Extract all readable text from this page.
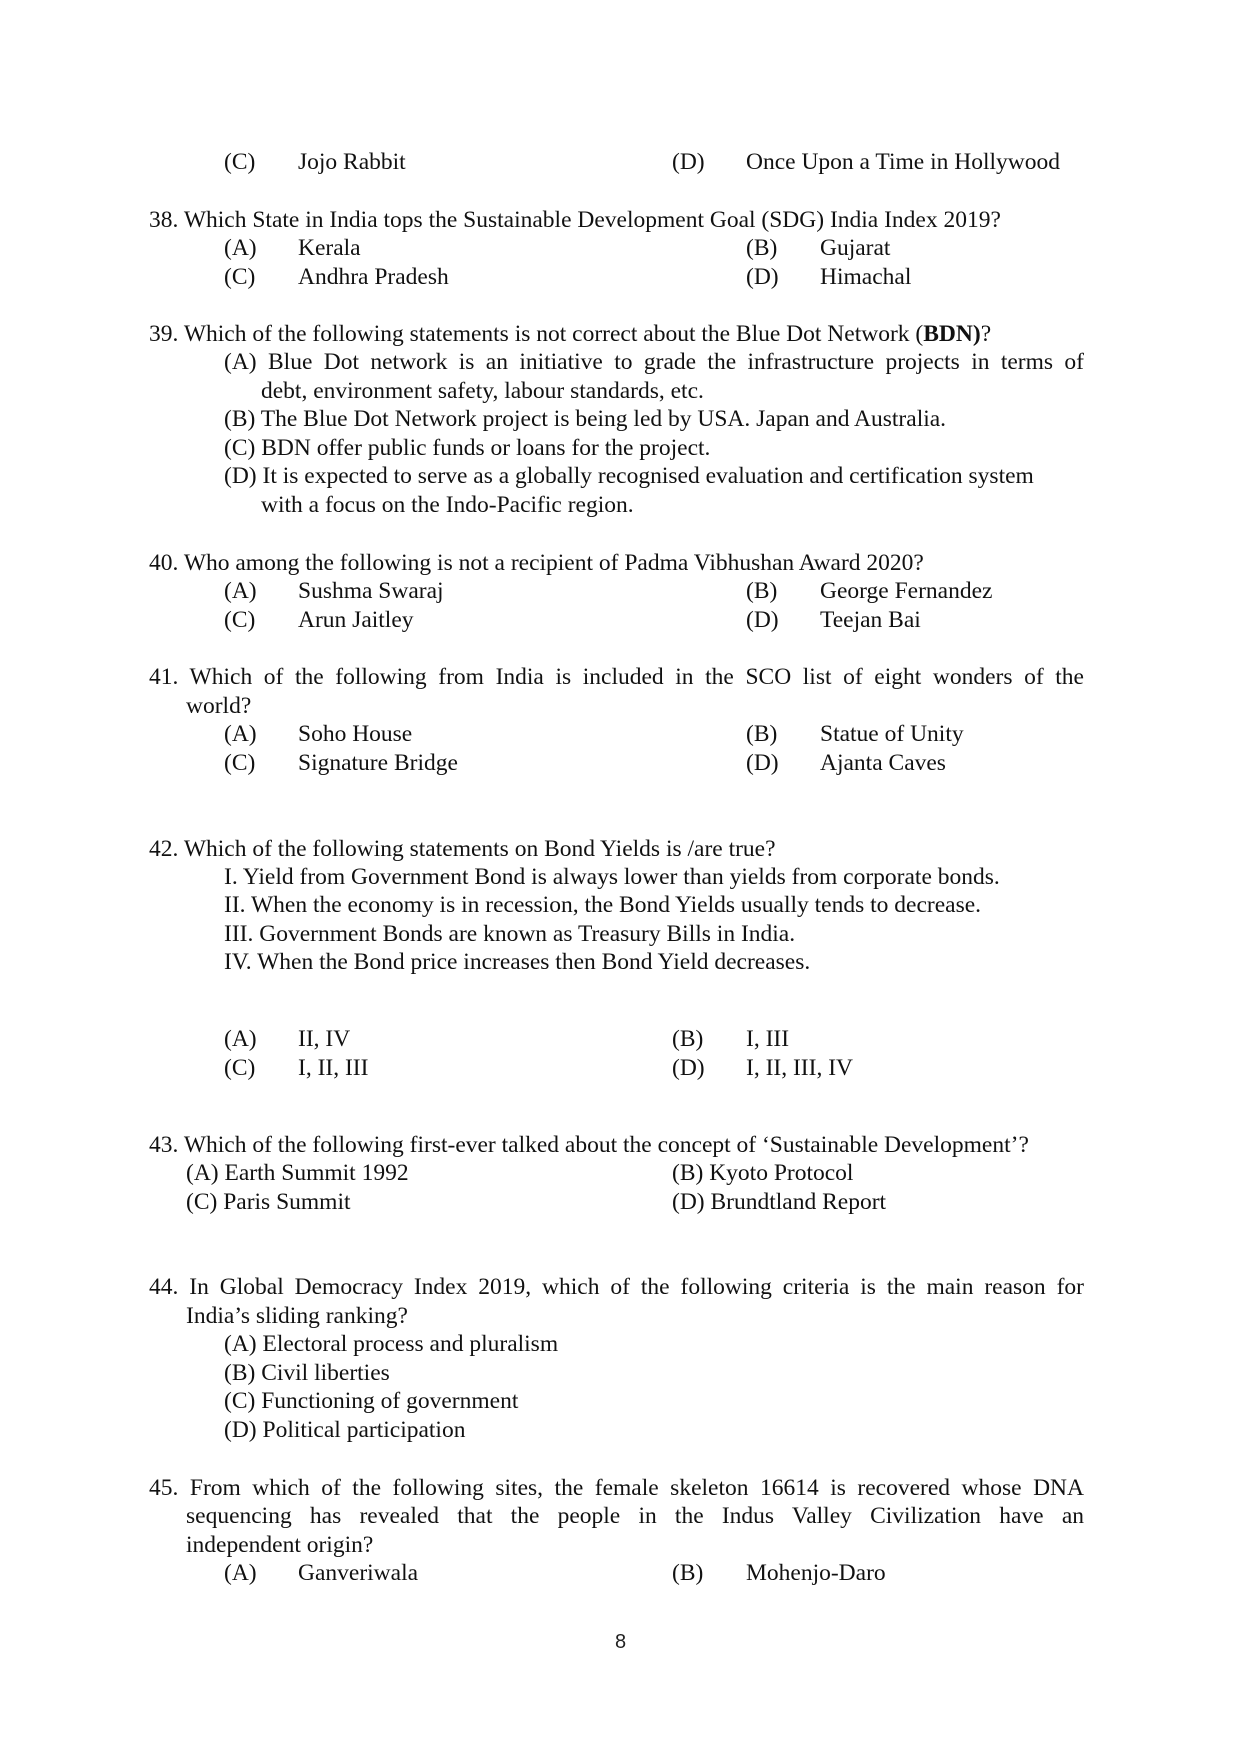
(C) Jojo Rabbit	(D) Once Upon a Time in Hollywood
38. Which State in India tops the Sustainable Development Goal (SDG) India Index 2019?
(A) Kerala	(B) Gujarat
(C) Andhra Pradesh	(D) Himachal
39. Which of the following statements is not correct about the Blue Dot Network (BDN)?
(A) Blue Dot network is an initiative to grade the infrastructure projects in terms of
debt, environment safety, labour standards, etc.
(B) The Blue Dot Network project is being led by USA. Japan and Australia.
(C) BDN offer public funds or loans for the project.
(D) It is expected to serve as a globally recognised evaluation and certification system
with a focus on the Indo-Pacific region.
40. Who among the following is not a recipient of Padma Vibhushan Award 2020?
(A) Sushma Swaraj	(B) George Fernandez
(C) Arun Jaitley	(D) Teejan Bai
41. Which of the following from India is included in the SCO list of eight wonders of the
world?
(A) Soho House	(B) Statue of Unity
(C) Signature Bridge	(D) Ajanta Caves
42. Which of the following statements on Bond Yields is /are true?
I. Yield from Government Bond is always lower than yields from corporate bonds.
II. When the economy is in recession, the Bond Yields usually tends to decrease.
III. Government Bonds are known as Treasury Bills in India.
IV. When the Bond price increases then Bond Yield decreases.
(A) II, IV	(B) I, III
(C) I, II, III	(D) I, II, III, IV
43. Which of the following first-ever talked about the concept of ‘Sustainable Development’?
(A) Earth Summit 1992	(B) Kyoto Protocol
(C) Paris Summit	(D) Brundtland Report
44. In Global Democracy Index 2019, which of the following criteria is the main reason for
India’s sliding ranking?
(A) Electoral process and pluralism
(B) Civil liberties
(C) Functioning of government
(D) Political participation
45. From which of the following sites, the female skeleton 16614 is recovered whose DNA
sequencing has revealed that the people in the Indus Valley Civilization have an
independent origin?
(A) Ganveriwala	(B) Mohenjo-Daro
8
